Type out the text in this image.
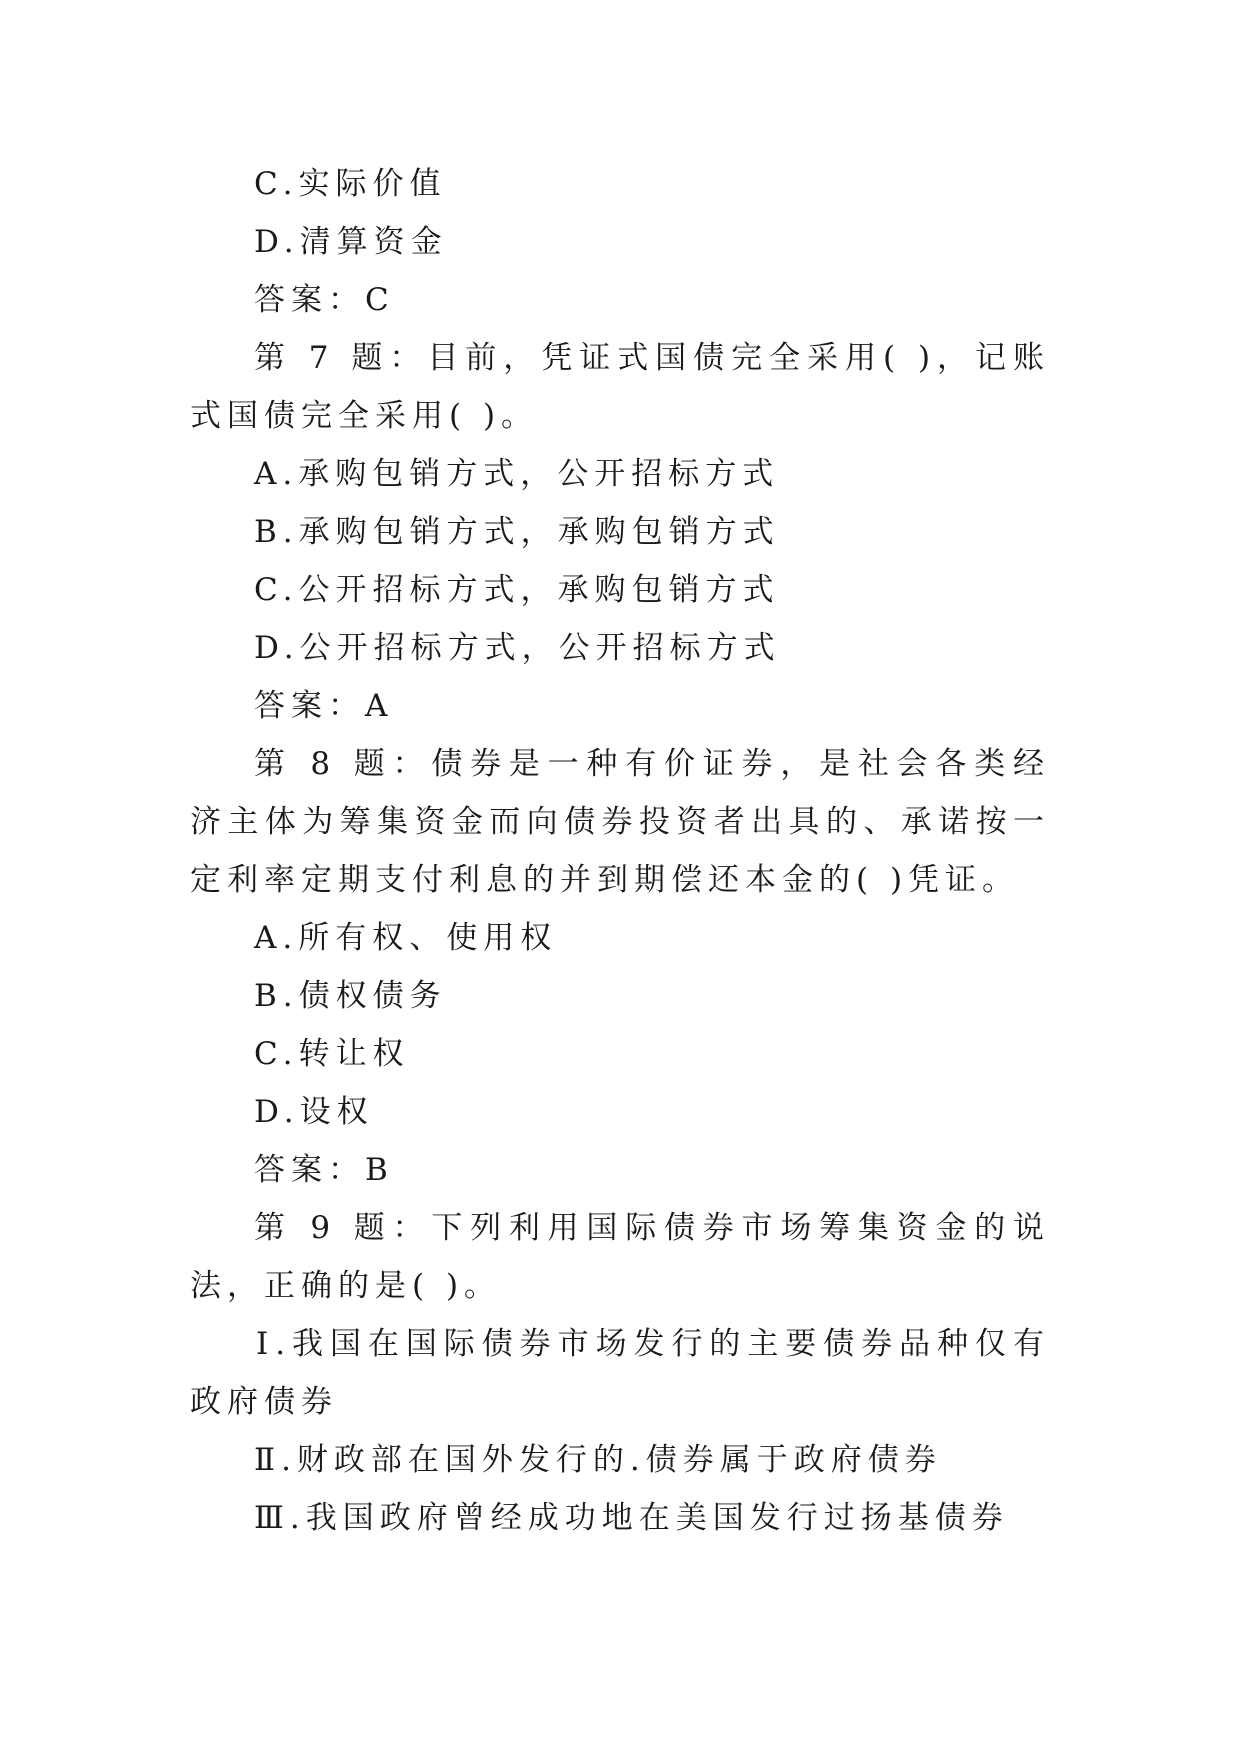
C.实际价值
D.清算资金
答案：C
第 7 题：目前，凭证式国债完全采用( )，记账式国债完全采用( )。
A.承购包销方式，公开招标方式
B.承购包销方式，承购包销方式
C.公开招标方式，承购包销方式
D.公开招标方式，公开招标方式
答案：A
第 8 题：债券是一种有价证券，是社会各类经济主体为筹集资金而向债券投资者出具的、承诺按一定利率定期支付利息的并到期偿还本金的( )凭证。
A.所有权、使用权
B.债权债务
C.转让权
D.设权
答案：B
第 9 题：下列利用国际债券市场筹集资金的说法，正确的是( )。
Ⅰ.我国在国际债券市场发行的主要债券品种仅有政府债券
Ⅱ.财政部在国外发行的.债券属于政府债券
Ⅲ.我国政府曾经成功地在美国发行过扬基债券
